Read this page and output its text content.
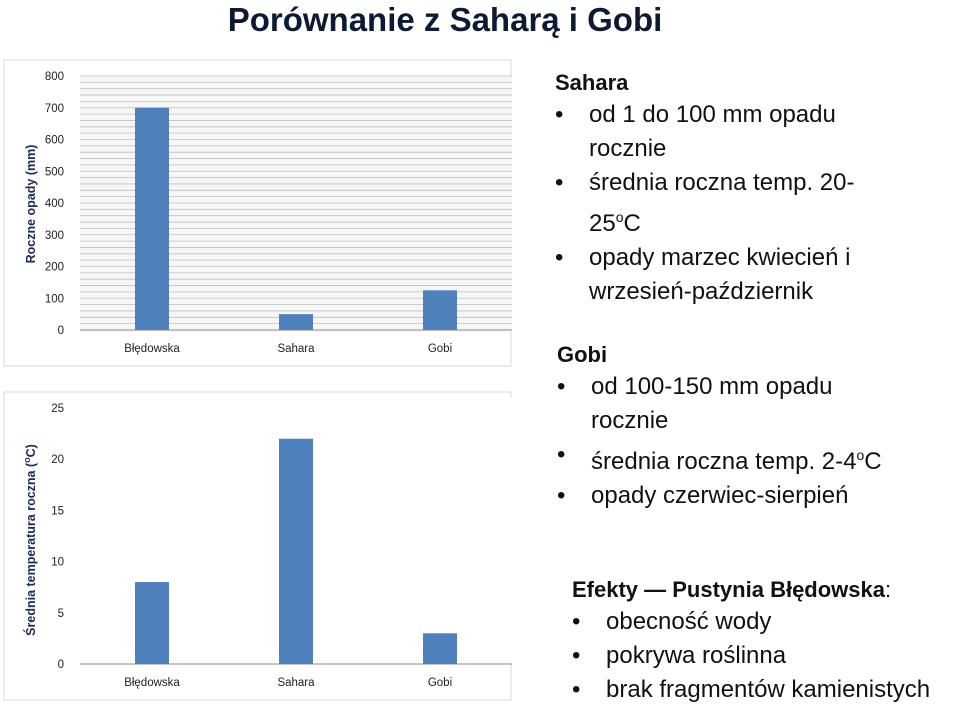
Porównanie z Saharą i Gobi
0
100
200
300
400
500
600
700
800
Błędowska	Sahara	Gobi
Roczne opady (mm)
0
5
10
15
20
25
Błędowska	Sahara	Gobi
Średnia temperatura roczna ($^o$C)
Sahara
•	od 1 do 100 mm opadu
rocznie
•	średnia roczna temp. 20-
25$^o$C
•	opady marzec kwiecień i
wrzesień-październik
Gobi
•	od 100-150 mm opadu
rocznie
•	średnia roczna temp. 2-4$^o$C
•	opady czerwiec-sierpień
Efekty — Pustynia Błędowska:
•	obecność wody
•	pokrywa roślinna
•	brak fragmentów kamienistych
